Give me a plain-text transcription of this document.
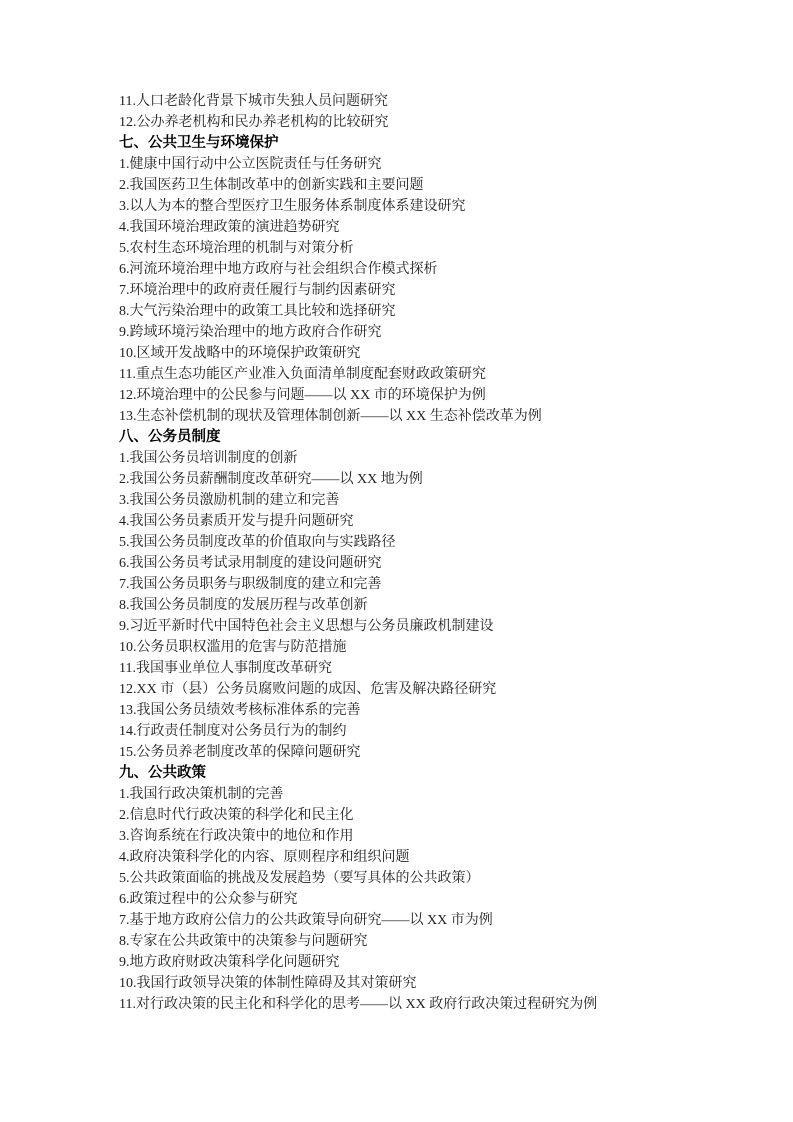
11.人口老龄化背景下城市失独人员问题研究
12.公办养老机构和民办养老机构的比较研究
七、公共卫生与环境保护
1.健康中国行动中公立医院责任与任务研究
2.我国医药卫生体制改革中的创新实践和主要问题
3.以人为本的整合型医疗卫生服务体系制度体系建设研究
4.我国环境治理政策的演进趋势研究
5.农村生态环境治理的机制与对策分析
6.河流环境治理中地方政府与社会组织合作模式探析
7.环境治理中的政府责任履行与制约因素研究
8.大气污染治理中的政策工具比较和选择研究
9.跨域环境污染治理中的地方政府合作研究
10.区域开发战略中的环境保护政策研究
11.重点生态功能区产业准入负面清单制度配套财政政策研究
12.环境治理中的公民参与问题——以 XX 市的环境保护为例
13.生态补偿机制的现状及管理体制创新——以 XX 生态补偿改革为例
八、公务员制度
1.我国公务员培训制度的创新
2.我国公务员薪酬制度改革研究——以 XX 地为例
3.我国公务员激励机制的建立和完善
4.我国公务员素质开发与提升问题研究
5.我国公务员制度改革的价值取向与实践路径
6.我国公务员考试录用制度的建设问题研究
7.我国公务员职务与职级制度的建立和完善
8.我国公务员制度的发展历程与改革创新
9.习近平新时代中国特色社会主义思想与公务员廉政机制建设
10.公务员职权滥用的危害与防范措施
11.我国事业单位人事制度改革研究
12.XX 市（县）公务员腐败问题的成因、危害及解决路径研究
13.我国公务员绩效考核标准体系的完善
14.行政责任制度对公务员行为的制约
15.公务员养老制度改革的保障问题研究
九、公共政策
1.我国行政决策机制的完善
2.信息时代行政决策的科学化和民主化
3.咨询系统在行政决策中的地位和作用
4.政府决策科学化的内容、原则程序和组织问题
5.公共政策面临的挑战及发展趋势（要写具体的公共政策）
6.政策过程中的公众参与研究
7.基于地方政府公信力的公共政策导向研究——以 XX 市为例
8.专家在公共政策中的决策参与问题研究
9.地方政府财政决策科学化问题研究
10.我国行政领导决策的体制性障碍及其对策研究
11.对行政决策的民主化和科学化的思考——以 XX 政府行政决策过程研究为例
